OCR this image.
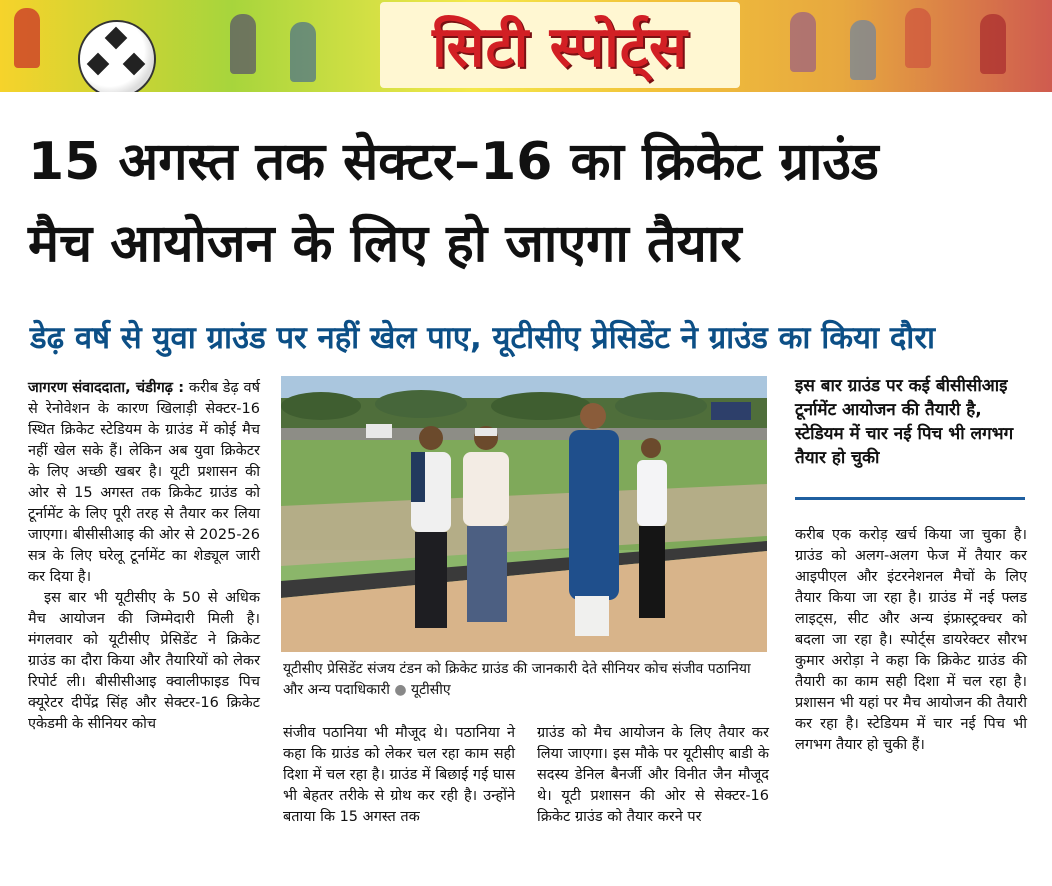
सिटी स्पोर्ट्स
15 अगस्त तक सेक्टर–16 का क्रिकेट ग्राउंड
मैच आयोजन के लिए हो जाएगा तैयार
डेढ़ वर्ष से युवा ग्राउंड पर नहीं खेल पाए, यूटीसीए प्रेसिडेंट ने ग्राउंड का किया दौरा

जागरण संवाददाता, चंडीगढ़ : करीब डेढ़ वर्ष से रेनोवेशन के कारण खिलाड़ी सेक्टर-16 स्थित क्रिकेट स्टेडियम के ग्राउंड में कोई मैच नहीं खेल सके हैं। लेकिन अब युवा क्रिकेटर के लिए अच्छी खबर है। यूटी प्रशासन की ओर से 15 अगस्त तक क्रिकेट ग्राउंड को टूर्नामेंट के लिए पूरी तरह से तैयार कर लिया जाएगा। बीसीसीआइ की ओर से 2025-26 सत्र के लिए घरेलू टूर्नामेंट का शेड्यूल जारी कर दिया है।

इस बार भी यूटीसीए के 50 से अधिक मैच आयोजन की जिम्मेदारी मिली है। मंगलवार को यूटीसीए प्रेसिडेंट ने क्रिकेट ग्राउंड का दौरा किया और तैयारियों को लेकर रिपोर्ट ली। बीसीसीआइ क्वालीफाइड पिच क्यूरेटर दीपेंद्र सिंह और सेक्टर-16 क्रिकेट एकेडमी के सीनियर कोच

यूटीसीए प्रेसिडेंट संजय टंडन को क्रिकेट ग्राउंड की जानकारी देते सीनियर कोच संजीव पठानिया और अन्य पदाधिकारी ● यूटीसीए

संजीव पठानिया भी मौजूद थे। पठानिया ने कहा कि ग्राउंड को लेकर चल रहा काम सही दिशा में चल रहा है। ग्राउंड में बिछाई गई घास भी बेहतर तरीके से ग्रोथ कर रही है। उन्होंने बताया कि 15 अगस्त तक

ग्राउंड को मैच आयोजन के लिए तैयार कर लिया जाएगा। इस मौके पर यूटीसीए बाडी के सदस्य डेनिल बैनर्जी और विनीत जैन मौजूद थे। यूटी प्रशासन की ओर से सेक्टर-16 क्रिकेट ग्राउंड को तैयार करने पर

इस बार ग्राउंड पर कई बीसीसीआइ टूर्नामेंट आयोजन की तैयारी है, स्टेडियम में चार नई पिच भी लगभग तैयार हो चुकी

करीब एक करोड़ खर्च किया जा चुका है। ग्राउंड को अलग-अलग फेज में तैयार कर आइपीएल और इंटरनेशनल मैचों के लिए तैयार किया जा रहा है। ग्राउंड में नई फ्लड लाइट्स, सीट और अन्य इंफ्रास्ट्रक्चर को बदला जा रहा है। स्पोर्ट्स डायरेक्टर सौरभ कुमार अरोड़ा ने कहा कि क्रिकेट ग्राउंड की तैयारी का काम सही दिशा में चल रहा है। प्रशासन भी यहां पर मैच आयोजन की तैयारी कर रहा है। स्टेडियम में चार नई पिच भी लगभग तैयार हो चुकी हैं।
